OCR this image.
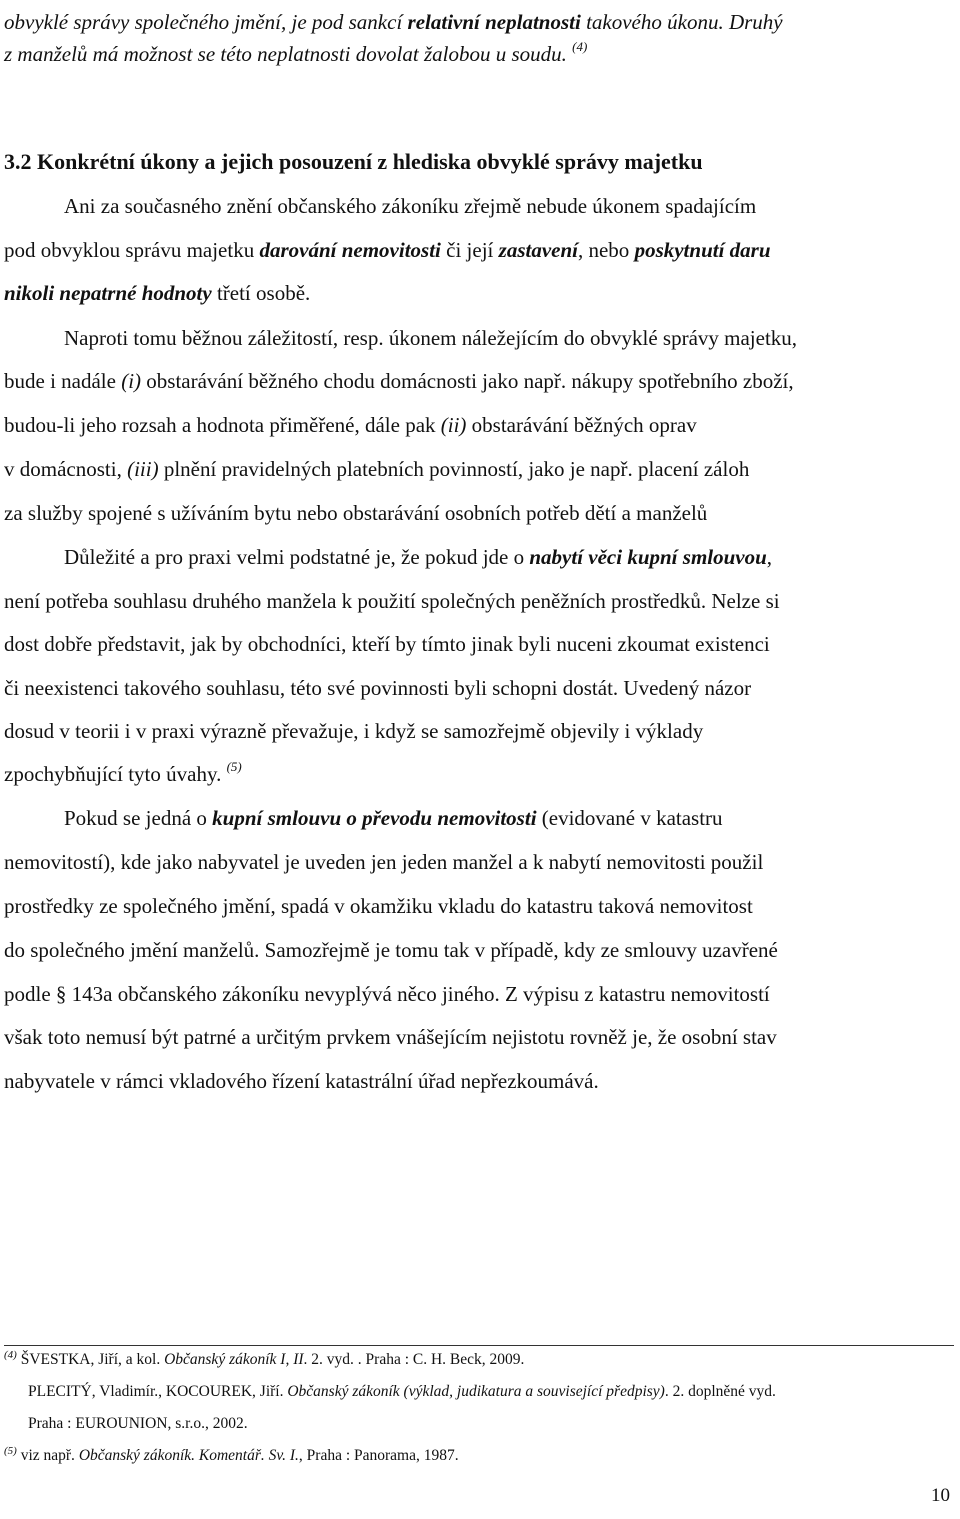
obvyklé správy společného jmění, je pod sankcí relativní neplatnosti takového úkonu. Druhý
z manželů má možnost se této neplatnosti dovolat žalobou u soudu. $^{(4)}$
3.2 Konkrétní úkony a jejich posouzení z hlediska obvyklé správy majetku
Ani za současného znění občanského zákoníku zřejmě nebude úkonem spadajícím
pod obvyklou správu majetku darování nemovitosti či její zastavení, nebo poskytnutí daru
nikoli nepatrné hodnoty třetí osobě.
Naproti tomu běžnou záležitostí, resp. úkonem náležejícím do obvyklé správy majetku,
bude i nadále (i) obstarávání běžného chodu domácnosti jako např. nákupy spotřebního zboží,
budou-li jeho rozsah a hodnota přiměřené, dále pak (ii) obstarávání běžných oprav
v domácnosti, (iii) plnění pravidelných platebních povinností, jako je např. placení záloh
za služby spojené s užíváním bytu nebo obstarávání osobních potřeb dětí a manželů
Důležité a pro praxi velmi podstatné je, že pokud jde o nabytí věci kupní smlouvou,
není potřeba souhlasu druhého manžela k použití společných peněžních prostředků. Nelze si
dost dobře představit, jak by obchodníci, kteří by tímto jinak byli nuceni zkoumat existenci
či neexistenci takového souhlasu, této své povinnosti byli schopni dostát. Uvedený názor
dosud v teorii i v praxi výrazně převažuje, i když se samozřejmě objevily i výklady
zpochybňující tyto úvahy. $^{(5)}$
Pokud se jedná o kupní smlouvu o převodu nemovitosti (evidované v katastru
nemovitostí), kde jako nabyvatel je uveden jen jeden manžel a k nabytí nemovitosti použil
prostředky ze společného jmění, spadá v okamžiku vkladu do katastru taková nemovitost
do společného jmění manželů. Samozřejmě je tomu tak v případě, kdy ze smlouvy uzavřené
podle § 143a občanského zákoníku nevyplývá něco jiného. Z výpisu z katastru nemovitostí
však toto nemusí být patrné a určitým prvkem vnášejícím nejistotu rovněž je, že osobní stav
nabyvatele v rámci vkladového řízení katastrální úřad nepřezkoumává.
$^{(4)}$ ŠVESTKA, Jiří, a kol. Občanský zákoník I, II. 2. vyd. . Praha : C. H. Beck, 2009.
PLECITÝ, Vladimír., KOCOUREK, Jiří. Občanský zákoník (výklad, judikatura a související předpisy). 2. doplněné vyd.
Praha : EUROUNION, s.r.o., 2002.
$^{(5)}$ viz např. Občanský zákoník. Komentář. Sv. I., Praha : Panorama, 1987.
10
